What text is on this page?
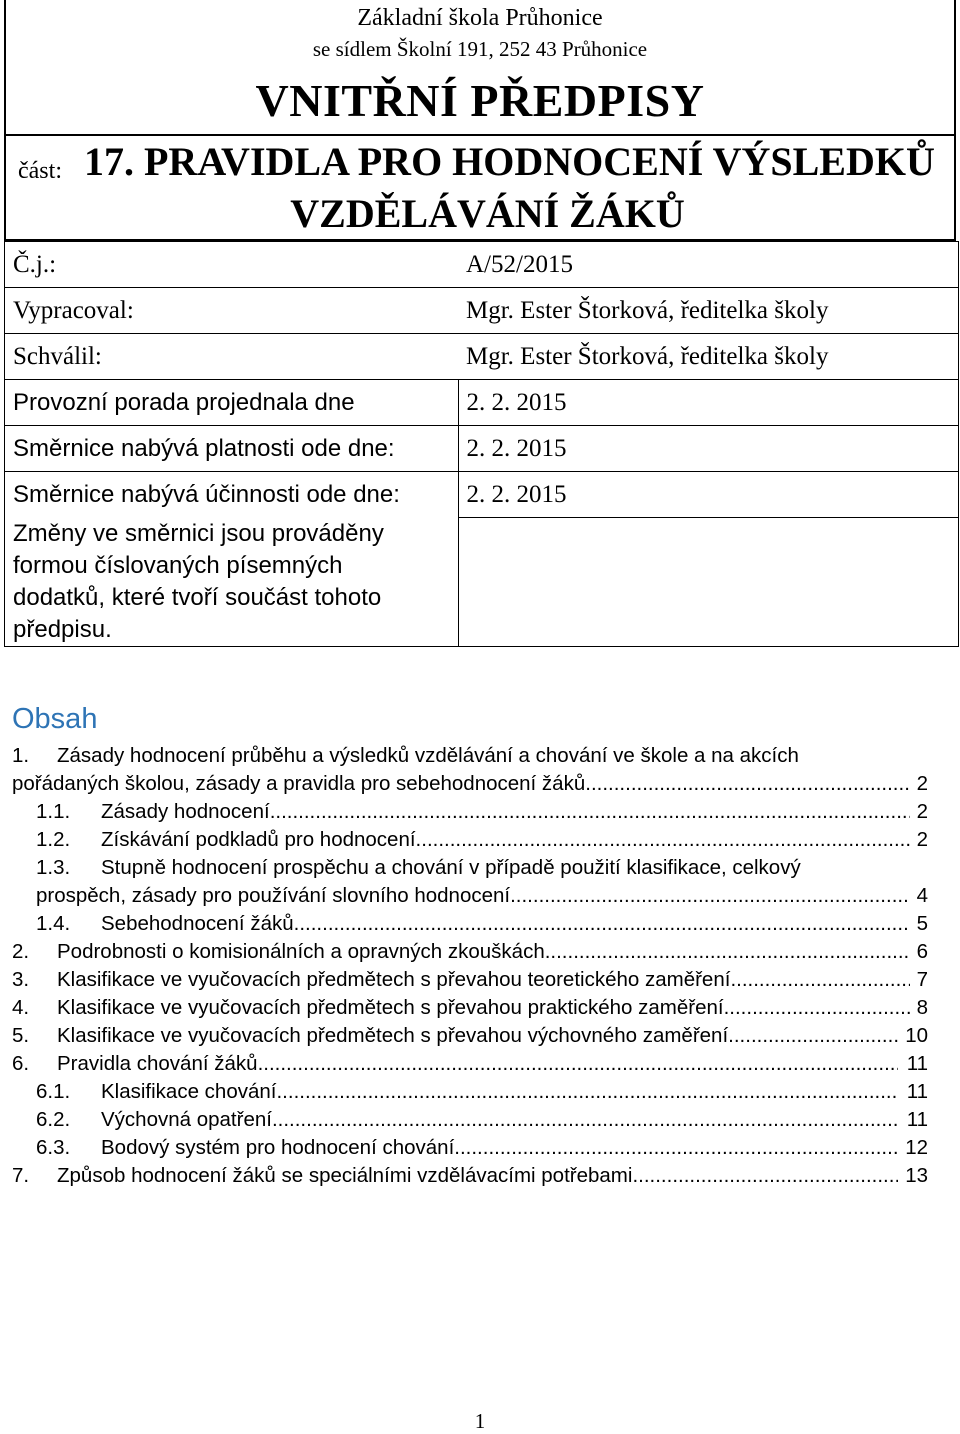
Základní škola Průhonice
se sídlem Školní 191, 252 43 Průhonice
VNITŘNÍ PŘEDPISY
část: 17. PRAVIDLA PRO HODNOCENÍ VÝSLEDKŮ
VZDĚLÁVÁNÍ ŽÁKŮ
Č.j.:	A/52/2015
Vypracoval:	Mgr. Ester Štorková, ředitelka školy
Schválil:	Mgr. Ester Štorková, ředitelka školy
Provozní porada projednala dne	2. 2. 2015
Směrnice nabývá platnosti ode dne:	2. 2. 2015
Směrnice nabývá účinnosti ode dne:	2. 2. 2015

Změny ve směrnici jsou prováděny
formou číslovaných písemných
dodatků, které tvoří součást tohoto
předpisu.	

Obsah
1. Zásady hodnocení průběhu a výsledků vzdělávání a chování ve škole a na akcích
pořádaných školou, zásady a pravidla pro sebehodnocení žáků .....	2
1.1. Zásady hodnocení .....	2
1.2. Získávání podkladů pro hodnocení .....	2
1.3. Stupně hodnocení prospěchu a chování v případě použití klasifikace, celkový
prospěch, zásady pro používání slovního hodnocení .....	4
1.4. Sebehodnocení žáků .....	5
2. Podrobnosti o komisionálních a opravných zkouškách .....	6
3. Klasifikace ve vyučovacích předmětech s převahou teoretického zaměření .....	7
4. Klasifikace ve vyučovacích předmětech s převahou praktického zaměření .....	8
5. Klasifikace ve vyučovacích předmětech s převahou výchovného zaměření .....	10
6. Pravidla chování žáků .....	11
6.1. Klasifikace chování .....	11
6.2. Výchovná opatření .....	11
6.3. Bodový systém pro hodnocení chování .....	12
7. Způsob hodnocení žáků se speciálními vzdělávacími potřebami .....	13
1
